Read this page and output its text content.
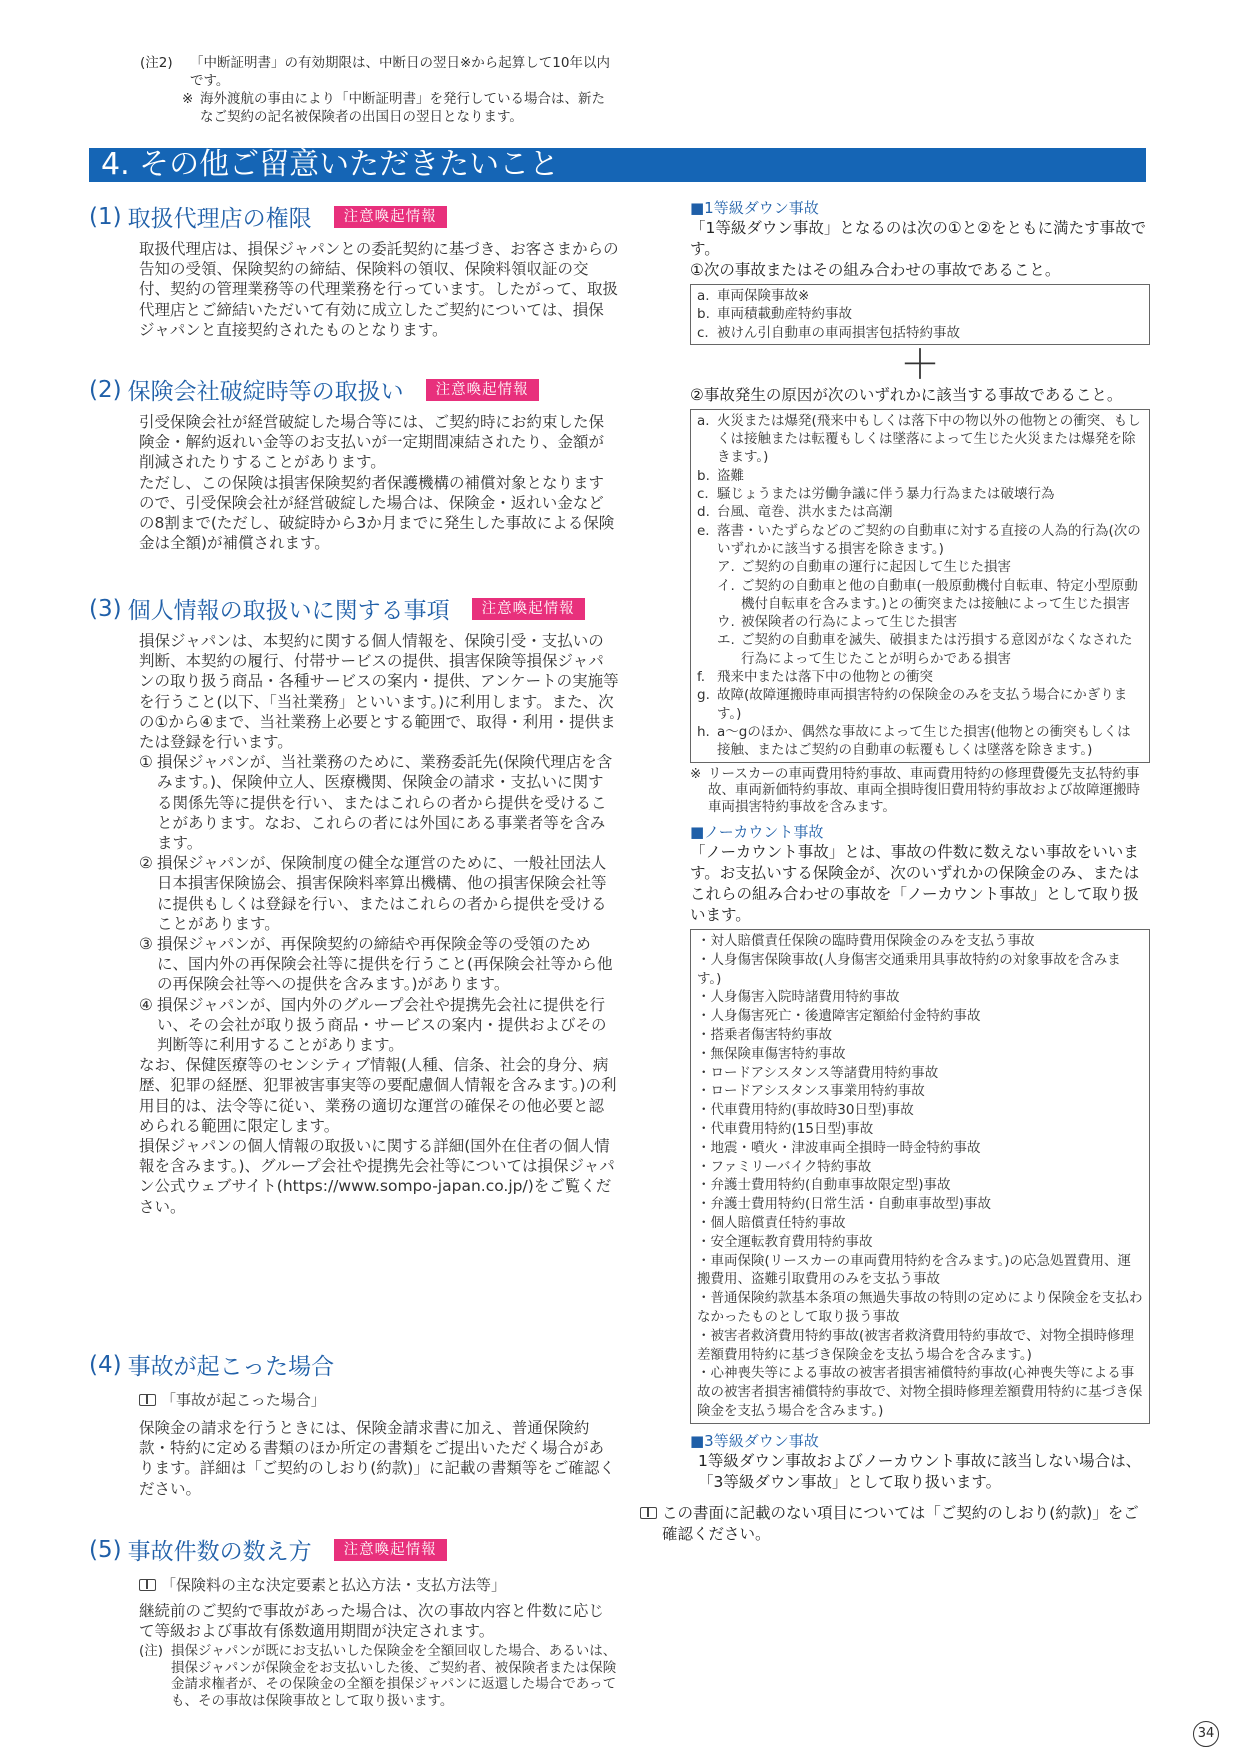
(注2)	「中断証明書」の有効期限は、中断日の翌日※から起算して10年以内です。
※ 海外渡航の事由により「中断証明書」を発行している場合は、新たなご契約の記名被保険者の出国日の翌日となります。
4. その他ご留意いただきたいこと
(1) 取扱代理店の権限	注意喚起情報
取扱代理店は、損保ジャパンとの委託契約に基づき、お客さまからの告知の受領、保険契約の締結、保険料の領収、保険料領収証の交付、契約の管理業務等の代理業務を行っています。したがって、取扱代理店とご締結いただいて有効に成立したご契約については、損保ジャパンと直接契約されたものとなります。
(2) 保険会社破綻時等の取扱い	注意喚起情報
引受保険会社が経営破綻した場合等には、ご契約時にお約束した保険金・解約返れい金等のお支払いが一定期間凍結されたり、金額が削減されたりすることがあります。
ただし、この保険は損害保険契約者保護機構の補償対象となりますので、引受保険会社が経営破綻した場合は、保険金・返れい金などの8割まで(ただし、破綻時から3か月までに発生した事故による保険金は全額)が補償されます。
(3) 個人情報の取扱いに関する事項	注意喚起情報
損保ジャパンは、本契約に関する個人情報を、保険引受・支払いの判断、本契約の履行、付帯サービスの提供、損害保険等損保ジャパンの取り扱う商品・各種サービスの案内・提供、アンケートの実施等を行うこと(以下、「当社業務」といいます。)に利用します。また、次の①から④まで、当社業務上必要とする範囲で、取得・利用・提供または登録を行います。
① 損保ジャパンが、当社業務のために、業務委託先(保険代理店を含みます。)、保険仲立人、医療機関、保険金の請求・支払いに関する関係先等に提供を行い、またはこれらの者から提供を受けることがあります。なお、これらの者には外国にある事業者等を含みます。
② 損保ジャパンが、保険制度の健全な運営のために、一般社団法人日本損害保険協会、損害保険料率算出機構、他の損害保険会社等に提供もしくは登録を行い、またはこれらの者から提供を受けることがあります。
③ 損保ジャパンが、再保険契約の締結や再保険金等の受領のために、国内外の再保険会社等に提供を行うこと(再保険会社等から他の再保険会社等への提供を含みます。)があります。
④ 損保ジャパンが、国内外のグループ会社や提携先会社に提供を行い、その会社が取り扱う商品・サービスの案内・提供およびその判断等に利用することがあります。
なお、保健医療等のセンシティブ情報(人種、信条、社会的身分、病歴、犯罪の経歴、犯罪被害事実等の要配慮個人情報を含みます。)の利用目的は、法令等に従い、業務の適切な運営の確保その他必要と認められる範囲に限定します。
損保ジャパンの個人情報の取扱いに関する詳細(国外在住者の個人情報を含みます。)、グループ会社や提携先会社等については損保ジャパン公式ウェブサイト(https://www.sompo-japan.co.jp/)をご覧ください。
(4) 事故が起こった場合
「事故が起こった場合」
保険金の請求を行うときには、保険金請求書に加え、普通保険約款・特約に定める書類のほか所定の書類をご提出いただく場合があります。詳細は「ご契約のしおり(約款)」に記載の書類等をご確認ください。
(5) 事故件数の数え方	注意喚起情報
「保険料の主な決定要素と払込方法・支払方法等」
継続前のご契約で事故があった場合は、次の事故内容と件数に応じて等級および事故有係数適用期間が決定されます。
(注) 損保ジャパンが既にお支払いした保険金を全額回収した場合、あるいは、損保ジャパンが保険金をお支払いした後、ご契約者、被保険者または保険金請求権者が、その保険金の全額を損保ジャパンに返還した場合であっても、その事故は保険事故として取り扱います。
■1等級ダウン事故
「1等級ダウン事故」となるのは次の①と②をともに満たす事故です。
①次の事故またはその組み合わせの事故であること。
a. 車両保険事故※
b. 車両積載動産特約事故
c. 被けん引自動車の車両損害包括特約事故
＋
②事故発生の原因が次のいずれかに該当する事故であること。
a. 火災または爆発(飛来中もしくは落下中の物以外の他物との衝突、もしくは接触または転覆もしくは墜落によって生じた火災または爆発を除きます。)
b. 盗難
c. 騒じょうまたは労働争議に伴う暴力行為または破壊行為
d. 台風、竜巻、洪水または高潮
e. 落書・いたずらなどのご契約の自動車に対する直接の人為的行為(次のいずれかに該当する損害を除きます。)
ア. ご契約の自動車の運行に起因して生じた損害
イ. ご契約の自動車と他の自動車(一般原動機付自転車、特定小型原動機付自転車を含みます。)との衝突または接触によって生じた損害
ウ. 被保険者の行為によって生じた損害
エ. ご契約の自動車を滅失、破損または汚損する意図がなくなされた行為によって生じたことが明らかである損害
f. 飛来中または落下中の他物との衝突
g. 故障(故障運搬時車両損害特約の保険金のみを支払う場合にかぎります。)
h. a～gのほか、偶然な事故によって生じた損害(他物との衝突もしくは接触、またはご契約の自動車の転覆もしくは墜落を除きます。)
※ リースカーの車両費用特約事故、車両費用特約の修理費優先支払特約事故、車両新価特約事故、車両全損時復旧費用特約事故および故障運搬時車両損害特約事故を含みます。
■ノーカウント事故
「ノーカウント事故」とは、事故の件数に数えない事故をいいます。お支払いする保険金が、次のいずれかの保険金のみ、またはこれらの組み合わせの事故を「ノーカウント事故」として取り扱います。
・対人賠償責任保険の臨時費用保険金のみを支払う事故
・人身傷害保険事故(人身傷害交通乗用具事故特約の対象事故を含みます。)
・人身傷害入院時諸費用特約事故
・人身傷害死亡・後遺障害定額給付金特約事故
・搭乗者傷害特約事故
・無保険車傷害特約事故
・ロードアシスタンス等諸費用特約事故
・ロードアシスタンス事業用特約事故
・代車費用特約(事故時30日型)事故
・代車費用特約(15日型)事故
・地震・噴火・津波車両全損時一時金特約事故
・ファミリーバイク特約事故
・弁護士費用特約(自動車事故限定型)事故
・弁護士費用特約(日常生活・自動車事故型)事故
・個人賠償責任特約事故
・安全運転教育費用特約事故
・車両保険(リースカーの車両費用特約を含みます。)の応急処置費用、運搬費用、盗難引取費用のみを支払う事故
・普通保険約款基本条項の無過失事故の特則の定めにより保険金を支払わなかったものとして取り扱う事故
・被害者救済費用特約事故(被害者救済費用特約事故で、対物全損時修理差額費用特約に基づき保険金を支払う場合を含みます。)
・心神喪失等による事故の被害者損害補償特約事故(心神喪失等による事故の被害者損害補償特約事故で、対物全損時修理差額費用特約に基づき保険金を支払う場合を含みます。)
■3等級ダウン事故
1等級ダウン事故およびノーカウント事故に該当しない場合は、「3等級ダウン事故」として取り扱います。
この書面に記載のない項目については「ご契約のしおり(約款)」をご確認ください。
34
